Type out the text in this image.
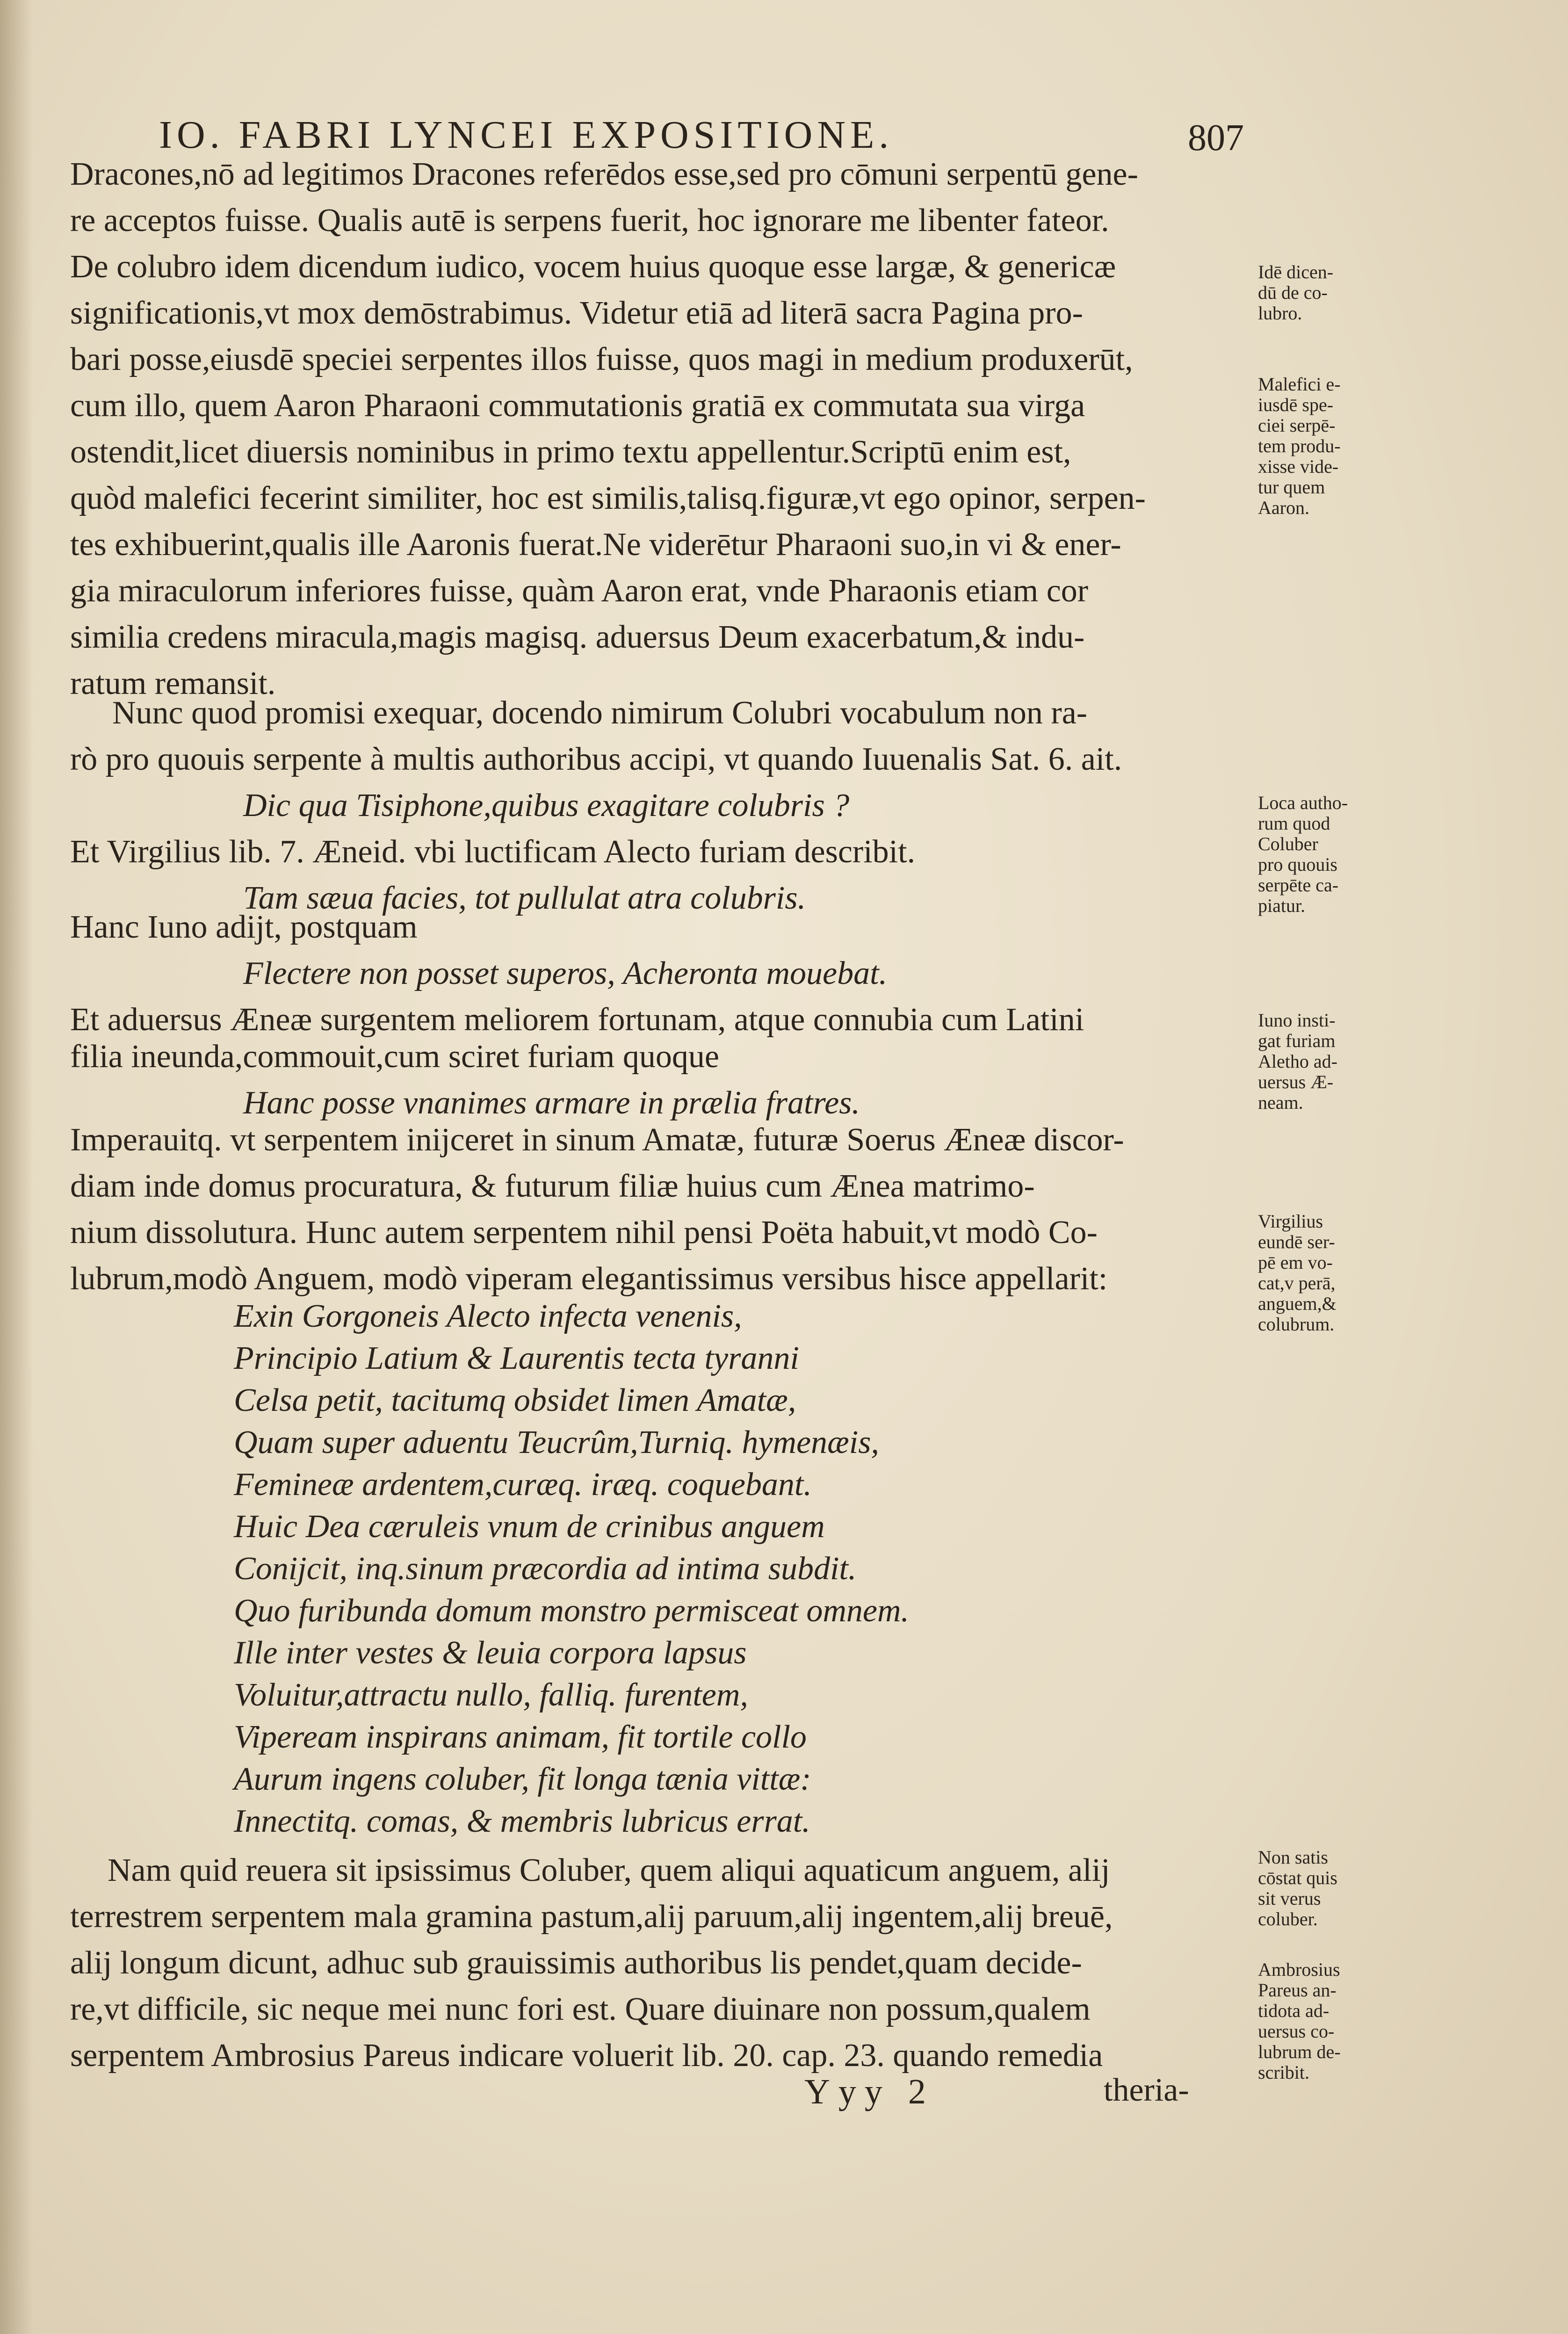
IO. FABRI LYNCEI EXPOSITIONE.	807
Dracones,nō ad legitimos Dracones referēdos esse,sed pro cōmuni serpentū gene-
re acceptos fuisse. Qualis autē is serpens fuerit, hoc ignorare me libenter fateor.
De colubro idem dicendum iudico, vocem huius quoque esse largæ, & genericæ
significationis,vt mox demōstrabimus. Videtur etiā ad literā sacra Pagina pro-
bari posse,eiusdē speciei serpentes illos fuisse, quos magi in medium produxerūt,
cum illo, quem Aaron Pharaoni commutationis gratiā ex commutata sua virga
ostendit,licet diuersis nominibus in primo textu appellentur.Scriptū enim est,
quòd malefici fecerint similiter, hoc est similis,talisq.figuræ,vt ego opinor, serpen-
tes exhibuerint,qualis ille Aaronis fuerat.Ne viderētur Pharaoni suo,in vi & ener-
gia miraculorum inferiores fuisse, quàm Aaron erat, vnde Pharaonis etiam cor
similia credens miracula,magis magisq. aduersus Deum exacerbatum,& indu-
ratum remansit.
Nunc quod promisi exequar, docendo nimirum Colubri vocabulum non ra-
rò pro quouis serpente à multis authoribus accipi, vt quando Iuuenalis Sat. 6. ait.
Dic qua Tisiphone,quibus exagitare colubris ?
Et Virgilius lib. 7. Æneid. vbi luctificam Alecto furiam describit.
Tam sæua facies, tot pullulat atra colubris.
Hanc Iuno adijt, postquam
Flectere non posset superos, Acheronta mouebat.
Et aduersus Æneæ surgentem meliorem fortunam, atque connubia cum Latini
filia ineunda,commouit,cum sciret furiam quoque
Hanc posse vnanimes armare in prælia fratres.
Imperauitq. vt serpentem inijceret in sinum Amatæ, futuræ Soerus Æneæ discor-
diam inde domus procuratura, & futurum filiæ huius cum Ænea matrimo-
nium dissolutura. Hunc autem serpentem nihil pensi Poëta habuit,vt modò Co-
lubrum,modò Anguem, modò viperam elegantissimus versibus hisce appellarit:
Exin Gorgoneis Alecto infecta venenis,
Principio Latium & Laurentis tecta tyranni
Celsa petit, tacitumq obsidet limen Amatæ,
Quam super aduentu Teucrûm,Turniq. hymenæis,
Femineæ ardentem,curæq. iræq. coquebant.
Huic Dea cæruleis vnum de crinibus anguem
Conijcit, inq.sinum præcordia ad intima subdit.
Quo furibunda domum monstro permisceat omnem.
Ille inter vestes & leuia corpora lapsus
Voluitur,attractu nullo, falliq. furentem,
Vipeream inspirans animam, fit tortile collo
Aurum ingens coluber, fit longa tænia vittæ:
Innectitq. comas, & membris lubricus errat.
Nam quid reuera sit ipsissimus Coluber, quem aliqui aquaticum anguem, alij
terrestrem serpentem mala gramina pastum,alij paruum,alij ingentem,alij breuē,
alij longum dicunt, adhuc sub grauissimis authoribus lis pendet,quam decide-
re,vt difficile, sic neque mei nunc fori est. Quare diuinare non possum,qualem
serpentem Ambrosius Pareus indicare voluerit lib. 20. cap. 23. quando remedia
Idē dicen-
dū de co-
lubro.
Malefici e-
iusdē spe-
ciei serpē-
tem produ-
xisse vide-
tur quem
Aaron.
Loca autho-
rum quod
Coluber
pro quouis
serpēte ca-
piatur.
Iuno insti-
gat furiam
Aletho ad-
uersus Æ-
neam.
Virgilius
eundē ser-
pē em vo-
cat,v perā,
anguem,&
colubrum.
Non satis
cōstat quis
sit verus
coluber.
Ambrosius
Pareus an-
tidota ad-
uersus co-
lubrum de-
scribit.
Yyy 2	theria-
